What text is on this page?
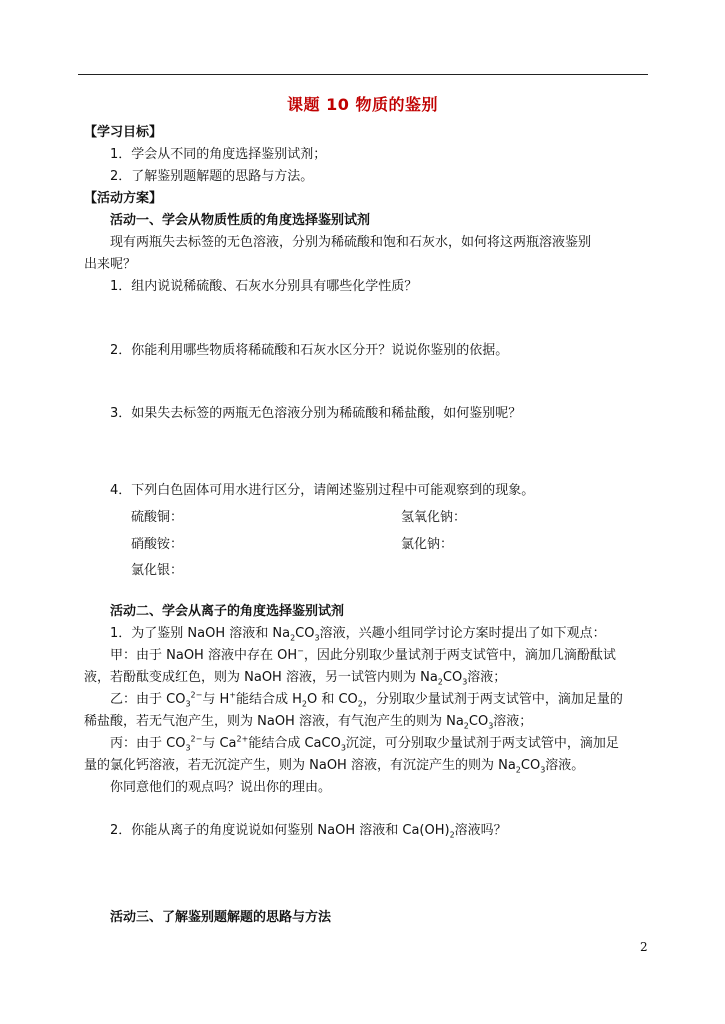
课题 10 物质的鉴别
【学习目标】
1．学会从不同的角度选择鉴别试剂；
2．了解鉴别题解题的思路与方法。
【活动方案】
活动一、学会从物质性质的角度选择鉴别试剂
现有两瓶失去标签的无色溶液，分别为稀硫酸和饱和石灰水，如何将这两瓶溶液鉴别
出来呢？
1．组内说说稀硫酸、石灰水分别具有哪些化学性质？
2．你能利用哪些物质将稀硫酸和石灰水区分开？说说你鉴别的依据。
3．如果失去标签的两瓶无色溶液分别为稀硫酸和稀盐酸，如何鉴别呢？
4．下列白色固体可用水进行区分，请阐述鉴别过程中可能观察到的现象。
硫酸铜：	氢氧化钠：
硝酸铵：	氯化钠：
氯化银：
活动二、学会从离子的角度选择鉴别试剂
1．为了鉴别 NaOH 溶液和 $Na_2CO_3$溶液，兴趣小组同学讨论方案时提出了如下观点：
甲：由于 NaOH 溶液中存在 OH−，因此分别取少量试剂于两支试管中，滴加几滴酚酞试
液，若酚酞变成红色，则为 NaOH 溶液，另一试管内则为 $Na_2CO_3$溶液；
乙：由于 $CO_3^{2-}$与 H+能结合成 $H_2O$ 和 $CO_2$，分别取少量试剂于两支试管中，滴加足量的
稀盐酸，若无气泡产生，则为 NaOH 溶液，有气泡产生的则为 $Na_2CO_3$溶液；
丙：由于 $CO_3^{2-}$与 $Ca^{2+}$能结合成 CaCO$_3$沉淀，可分别取少量试剂于两支试管中，滴加足
量的氯化钙溶液，若无沉淀产生，则为 NaOH 溶液，有沉淀产生的则为 $Na_2CO_3$溶液。
你同意他们的观点吗？说出你的理由。
2．你能从离子的角度说说如何鉴别 NaOH 溶液和 $Ca(OH)_2$溶液吗？
活动三、了解鉴别题解题的思路与方法
2
